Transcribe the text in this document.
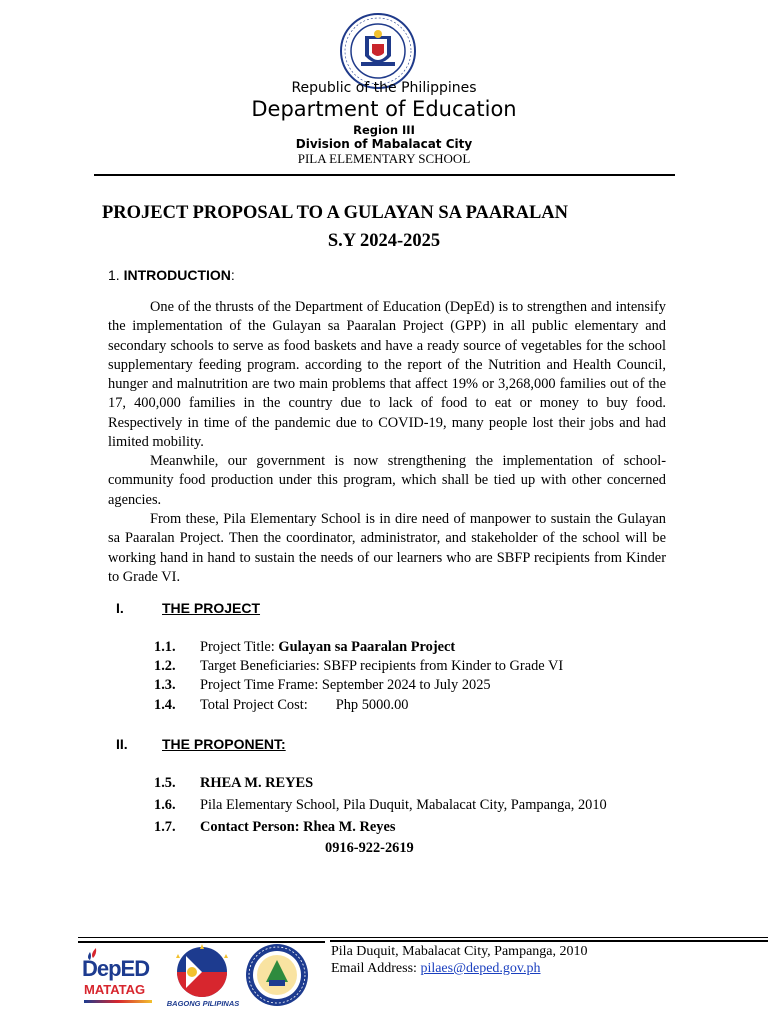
Republic of the Philippines
Department of Education
Region III
Division of Mabalacat City
PILA ELEMENTARY SCHOOL
PROJECT PROPOSAL TO A GULAYAN SA PAARALAN
S.Y 2024-2025
1. INTRODUCTION:

One of the thrusts of the Department of Education (DepEd) is to strengthen and intensify the implementation of the Gulayan sa Paaralan Project (GPP) in all public elementary and secondary schools to serve as food baskets and have a ready source of vegetables for the school supplementary feeding program. according to the report of the Nutrition and Health Council, hunger and malnutrition are two main problems that affect 19% or 3,268,000 families out of the 17, 400,000 families in the country due to lack of food to eat or money to buy food. Respectively in time of the pandemic due to COVID-19, many people lost their jobs and had limited mobility.

Meanwhile, our government is now strengthening the implementation of school-community food production under this program, which shall be tied up with other concerned agencies.

From these, Pila Elementary School is in dire need of manpower to sustain the Gulayan sa Paaralan Project. Then the coordinator, administrator, and stakeholder of the school will be working hand in hand to sustain the needs of our learners who are SBFP recipients from Kinder to Grade VI.

I.	THE PROJECT
1.1. Project Title: Gulayan sa Paaralan Project
1.2. Target Beneficiaries: SBFP recipients from Kinder to Grade VI
1.3. Project Time Frame: September 2024 to July 2025
1.4. Total Project Cost: Php 5000.00
II. THE PROPONENT:
1.5. RHEA M. REYES
1.6. Pila Elementary School, Pila Duquit, Mabalacat City, Pampanga, 2010
1.7. Contact Person: Rhea M. Reyes
0916-922-2619
DepED
MATATAG
BAGONG PILIPINAS
Pila Duquit, Mabalacat City, Pampanga, 2010
Email Address: pilaes@deped.gov.ph
